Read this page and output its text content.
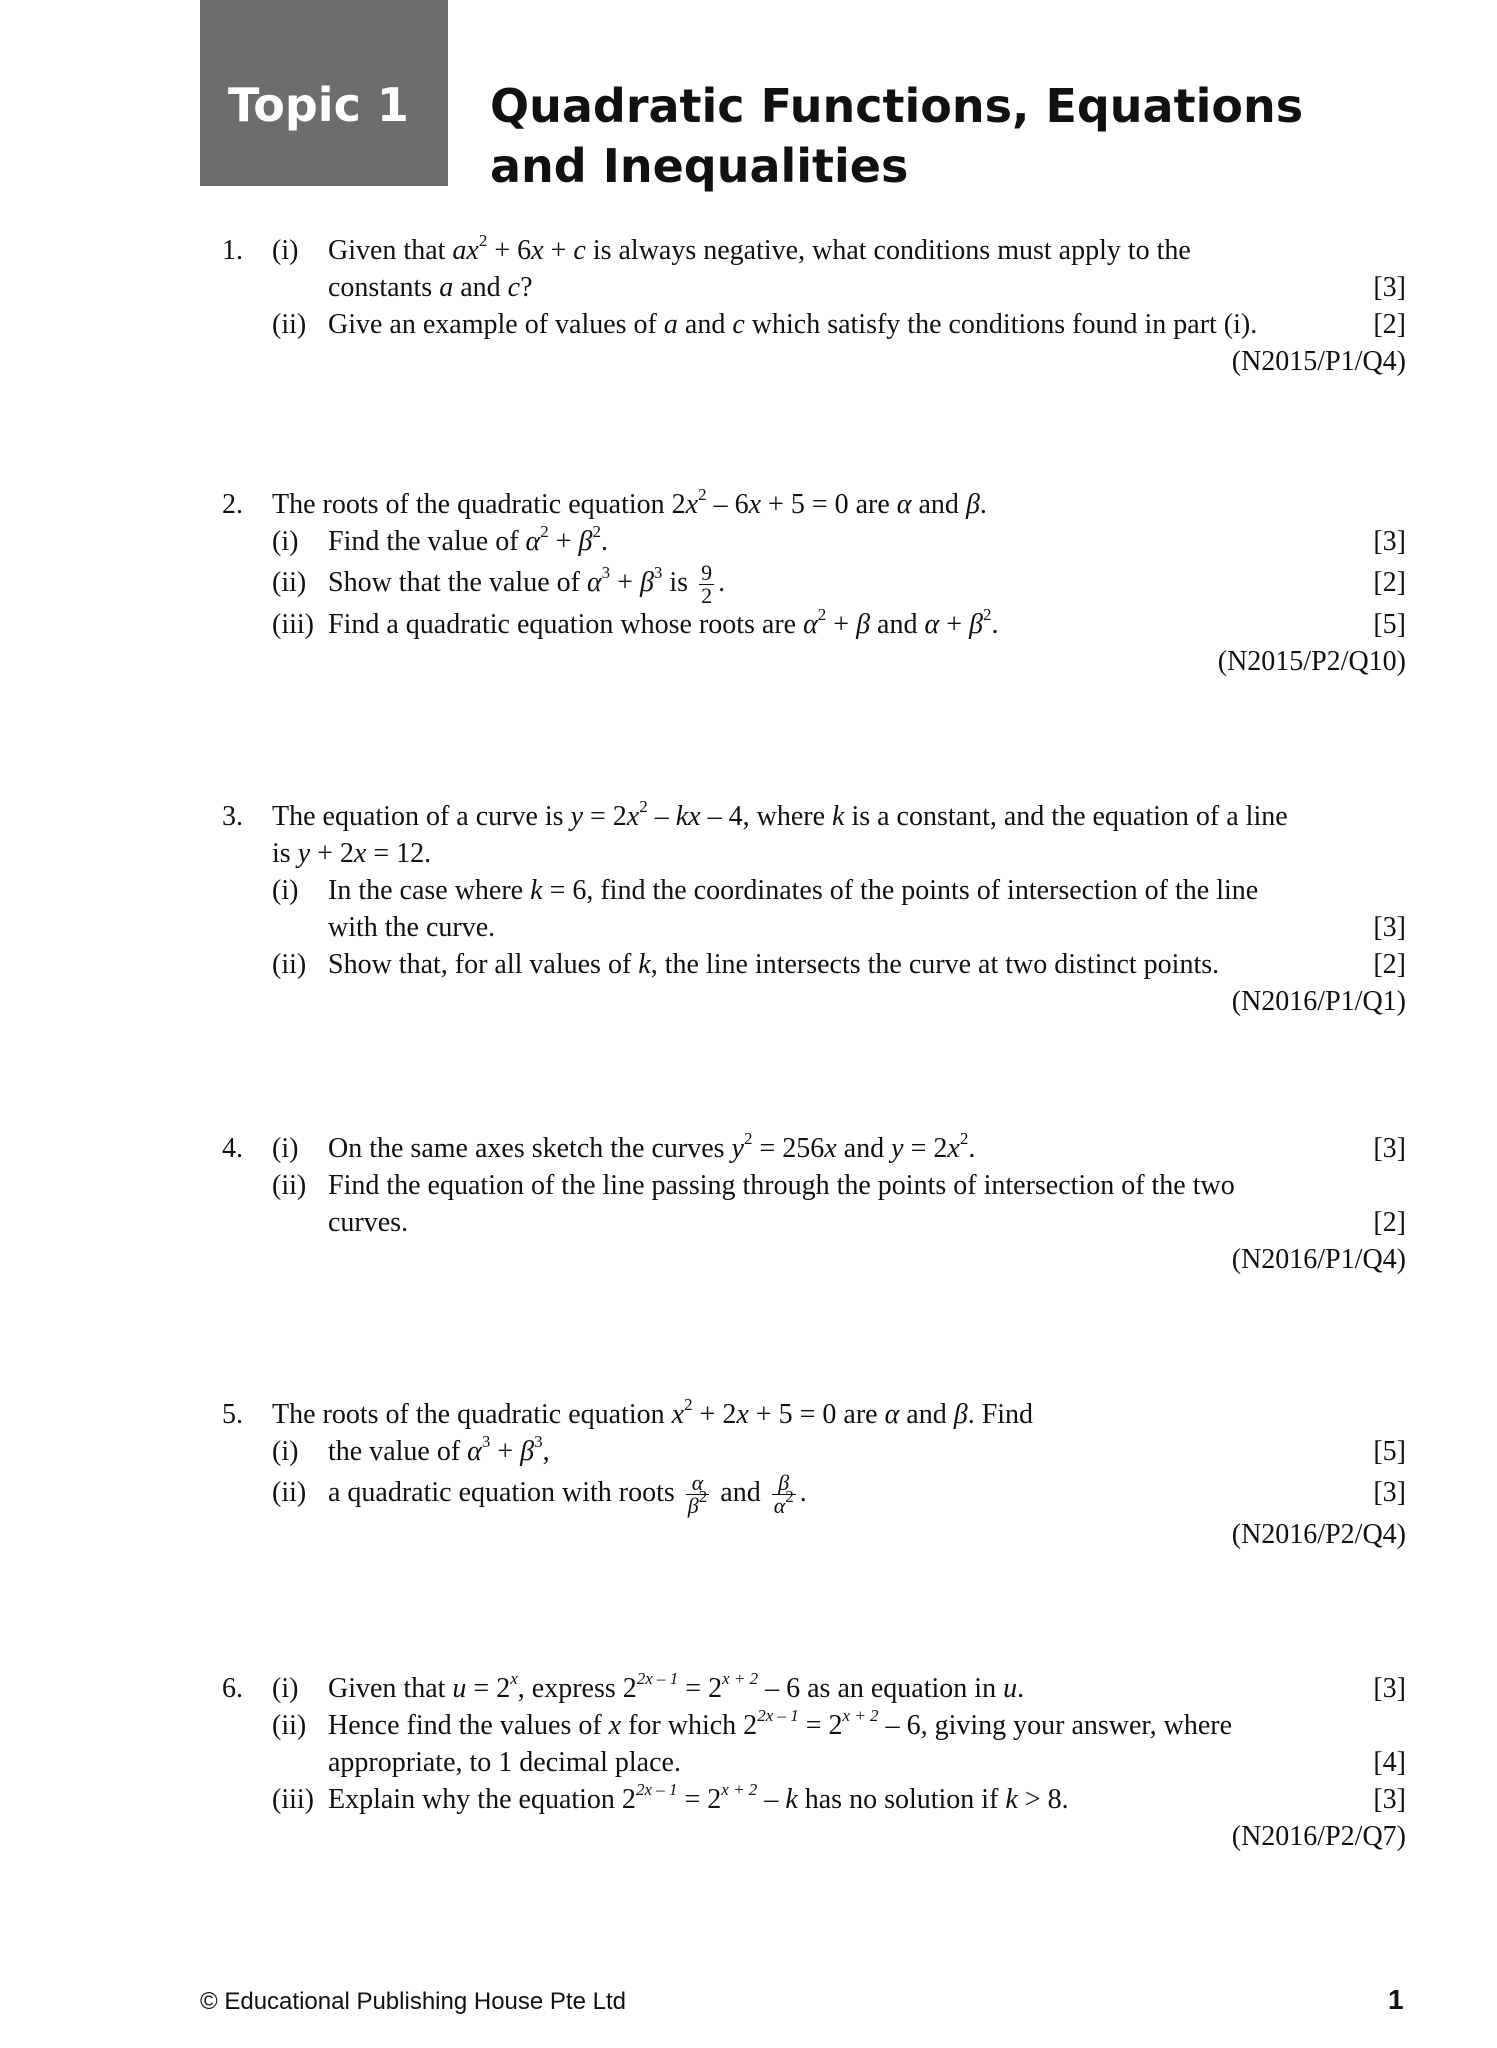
Topic 1 Quadratic Functions, Equations
and Inequalities
1. (i) Given that $ax^2 + 6x + c$ is always negative, what conditions must apply to the
constants a and c?	[3]
(ii) Give an example of values of a and c which satisfy the conditions found in part (i).	[2]
(N2015/P1/Q4)
2. The roots of the quadratic equation $2x^2 - 6x + 5 = 0$ are α and β.
(i) Find the value of $\alpha^2 + \beta^2$.	[3]
(ii) Show that the value of $\alpha^3 + \beta^3$ is $\frac{9}{2}$ .	[2]
(iii) Find a quadratic equation whose roots are $\alpha^2 + \beta$ and $\alpha + \beta^2$.	[5]
(N2015/P2/Q10)
3. The equation of a curve is $y = 2x^2$ – kx – 4, where k is a constant, and the equation of a line
is y + 2x = 12.
(i) In the case where k = 6, find the coordinates of the points of intersection of the line
with the curve.	[3]
(ii) Show that, for all values of k, the line intersects the curve at two distinct points.	[2]
(N2016/P1/Q1)
4. (i) On the same axes sketch the curves $y^2 = 256x$ and $y = 2x^2$.	[3]
(ii) Find the equation of the line passing through the points of intersection of the two
curves.	[2]
(N2016/P1/Q4)
5. The roots of the quadratic equation $x^2 + 2x + 5 = 0$ are α and β. Find
(i) the value of $\alpha^3 + \beta^3$,	[5]
(ii) a quadratic equation with roots $\frac{\alpha}{\beta^2}$ and $\frac{\beta}{\alpha^2}$ .	[3]
(N2016/P2/Q4)
6. (i) Given that $u = 2^x$, express $2^{2x - 1} = 2^{x + 2} - 6$ as an equation in u.	[3]
(ii) Hence find the values of x for which $2^{2x - 1} = 2^{x + 2} - 6$, giving your answer, where
appropriate, to 1 decimal place.	[4]
(iii) Explain why the equation $2^{2x - 1} = 2^{x + 2} - k$ has no solution if k > 8.	[3]
(N2016/P2/Q7)
© Educational Publishing House Pte Ltd	1
